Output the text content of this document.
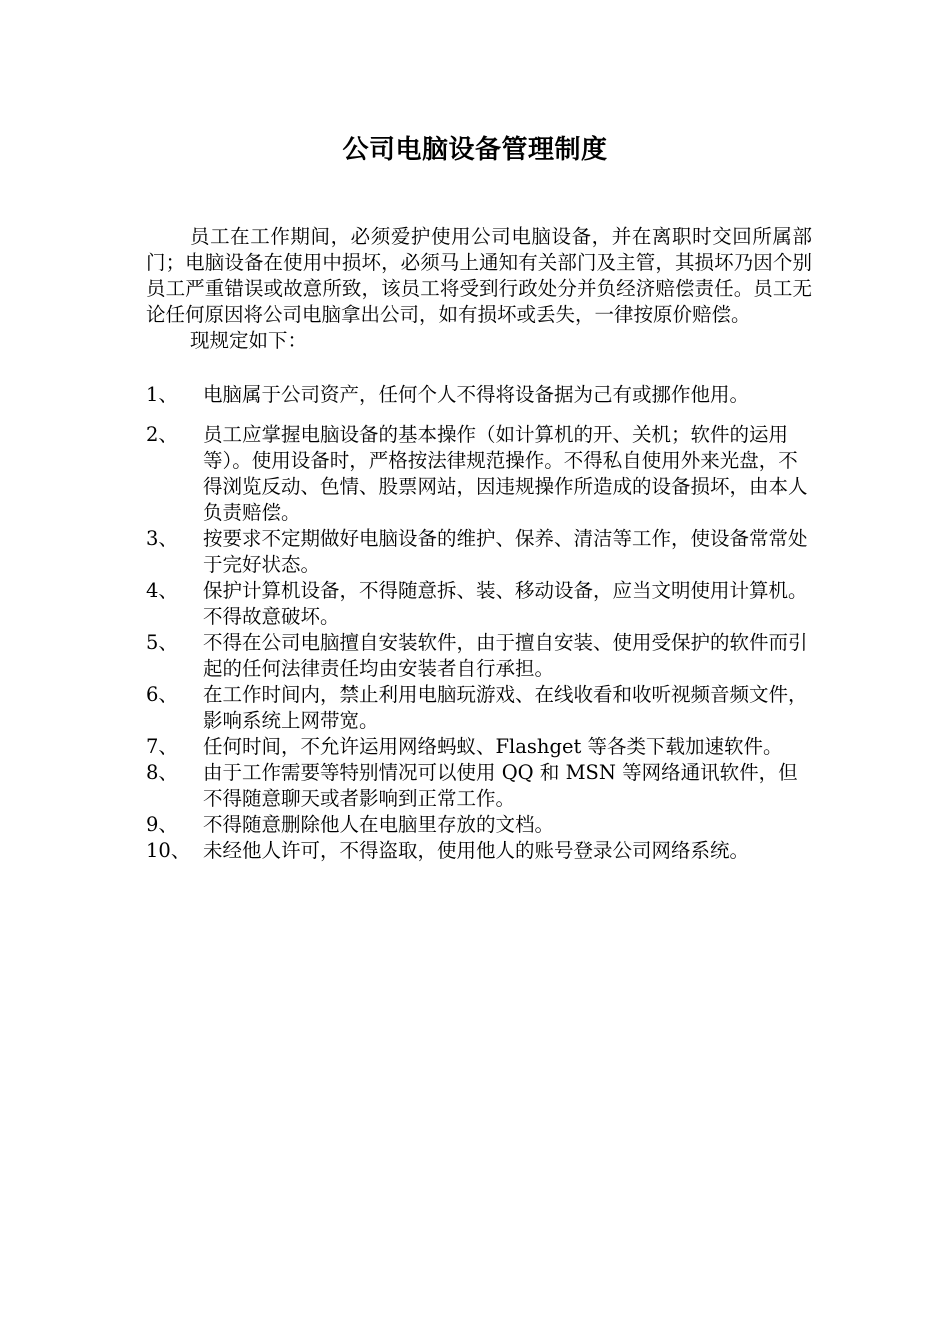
公司电脑设备管理制度

员工在工作期间，必须爱护使用公司电脑设备，并在离职时交回所属部门；电脑设备在使用中损坏，必须马上通知有关部门及主管，其损坏乃因个别员工严重错误或故意所致，该员工将受到行政处分并负经济赔偿责任。员工无论任何原因将公司电脑拿出公司，如有损坏或丢失，一律按原价赔偿。

现规定如下：

1、 电脑属于公司资产，任何个人不得将设备据为己有或挪作他用。
2、 员工应掌握电脑设备的基本操作（如计算机的开、关机；软件的运用等）。使用设备时，严格按法律规范操作。不得私自使用外来光盘，不得浏览反动、色情、股票网站，因违规操作所造成的设备损坏，由本人负责赔偿。
3、 按要求不定期做好电脑设备的维护、保养、清洁等工作，使设备常常处于完好状态。
4、 保护计算机设备，不得随意拆、装、移动设备，应当文明使用计算机。不得故意破坏。
5、 不得在公司电脑擅自安装软件，由于擅自安装、使用受保护的软件而引起的任何法律责任均由安装者自行承担。
6、 在工作时间内，禁止利用电脑玩游戏、在线收看和收听视频音频文件，影响系统上网带宽。
7、 任何时间，不允许运用网络蚂蚁、Flashget 等各类下载加速软件。
8、 由于工作需要等特别情况可以使用 QQ 和 MSN 等网络通讯软件，但不得随意聊天或者影响到正常工作。
9、 不得随意删除他人在电脑里存放的文档。
10、 未经他人许可，不得盗取，使用他人的账号登录公司网络系统。
